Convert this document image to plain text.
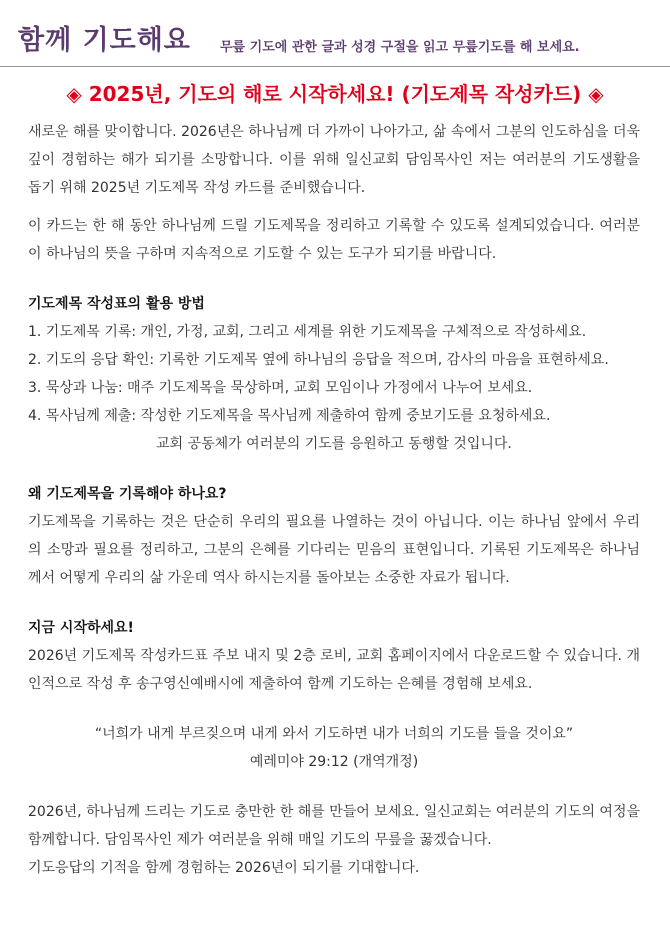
함께 기도해요 무릎 기도에 관한 글과 성경 구절을 읽고 무릎기도를 해 보세요.
◈ 2025년, 기도의 해로 시작하세요! (기도제목 작성카드) ◈

새로운 해를 맞이합니다. 2026년은 하나님께 더 가까이 나아가고, 삶 속에서 그분의 인도하심을 더욱 깊이 경험하는 해가 되기를 소망합니다. 이를 위해 일신교회 담임목사인 저는 여러분의 기도생활을 돕기 위해 2025년 기도제목 작성 카드를 준비했습니다.

이 카드는 한 해 동안 하나님께 드릴 기도제목을 정리하고 기록할 수 있도록 설계되었습니다. 여러분이 하나님의 뜻을 구하며 지속적으로 기도할 수 있는 도구가 되기를 바랍니다.

기도제목 작성표의 활용 방법
1. 기도제목 기록: 개인, 가정, 교회, 그리고 세계를 위한 기도제목을 구체적으로 작성하세요.
2. 기도의 응답 확인: 기록한 기도제목 옆에 하나님의 응답을 적으며, 감사의 마음을 표현하세요.
3. 묵상과 나눔: 매주 기도제목을 묵상하며, 교회 모임이나 가정에서 나누어 보세요.
4. 목사님께 제출: 작성한 기도제목을 목사님께 제출하여 함께 중보기도를 요청하세요.

교회 공동체가 여러분의 기도를 응원하고 동행할 것입니다.

왜 기도제목을 기록해야 하나요?

기도제목을 기록하는 것은 단순히 우리의 필요를 나열하는 것이 아닙니다. 이는 하나님 앞에서 우리의 소망과 필요를 정리하고, 그분의 은혜를 기다리는 믿음의 표현입니다. 기록된 기도제목은 하나님께서 어떻게 우리의 삶 가운데 역사 하시는지를 돌아보는 소중한 자료가 됩니다.

지금 시작하세요!

2026년 기도제목 작성카드표 주보 내지 및 2층 로비, 교회 홈페이지에서 다운로드할 수 있습니다. 개인적으로 작성 후 송구영신예배시에 제출하여 함께 기도하는 은혜를 경험해 보세요.

“너희가 내게 부르짖으며 내게 와서 기도하면 내가 너희의 기도를 들을 것이요”
예레미야 29:12 (개역개정)

2026년, 하나님께 드리는 기도로 충만한 한 해를 만들어 보세요. 일신교회는 여러분의 기도의 여정을 함께합니다. 담임목사인 제가 여러분을 위해 매일 기도의 무릎을 꿇겠습니다.

기도응답의 기적을 함께 경험하는 2026년이 되기를 기대합니다.
